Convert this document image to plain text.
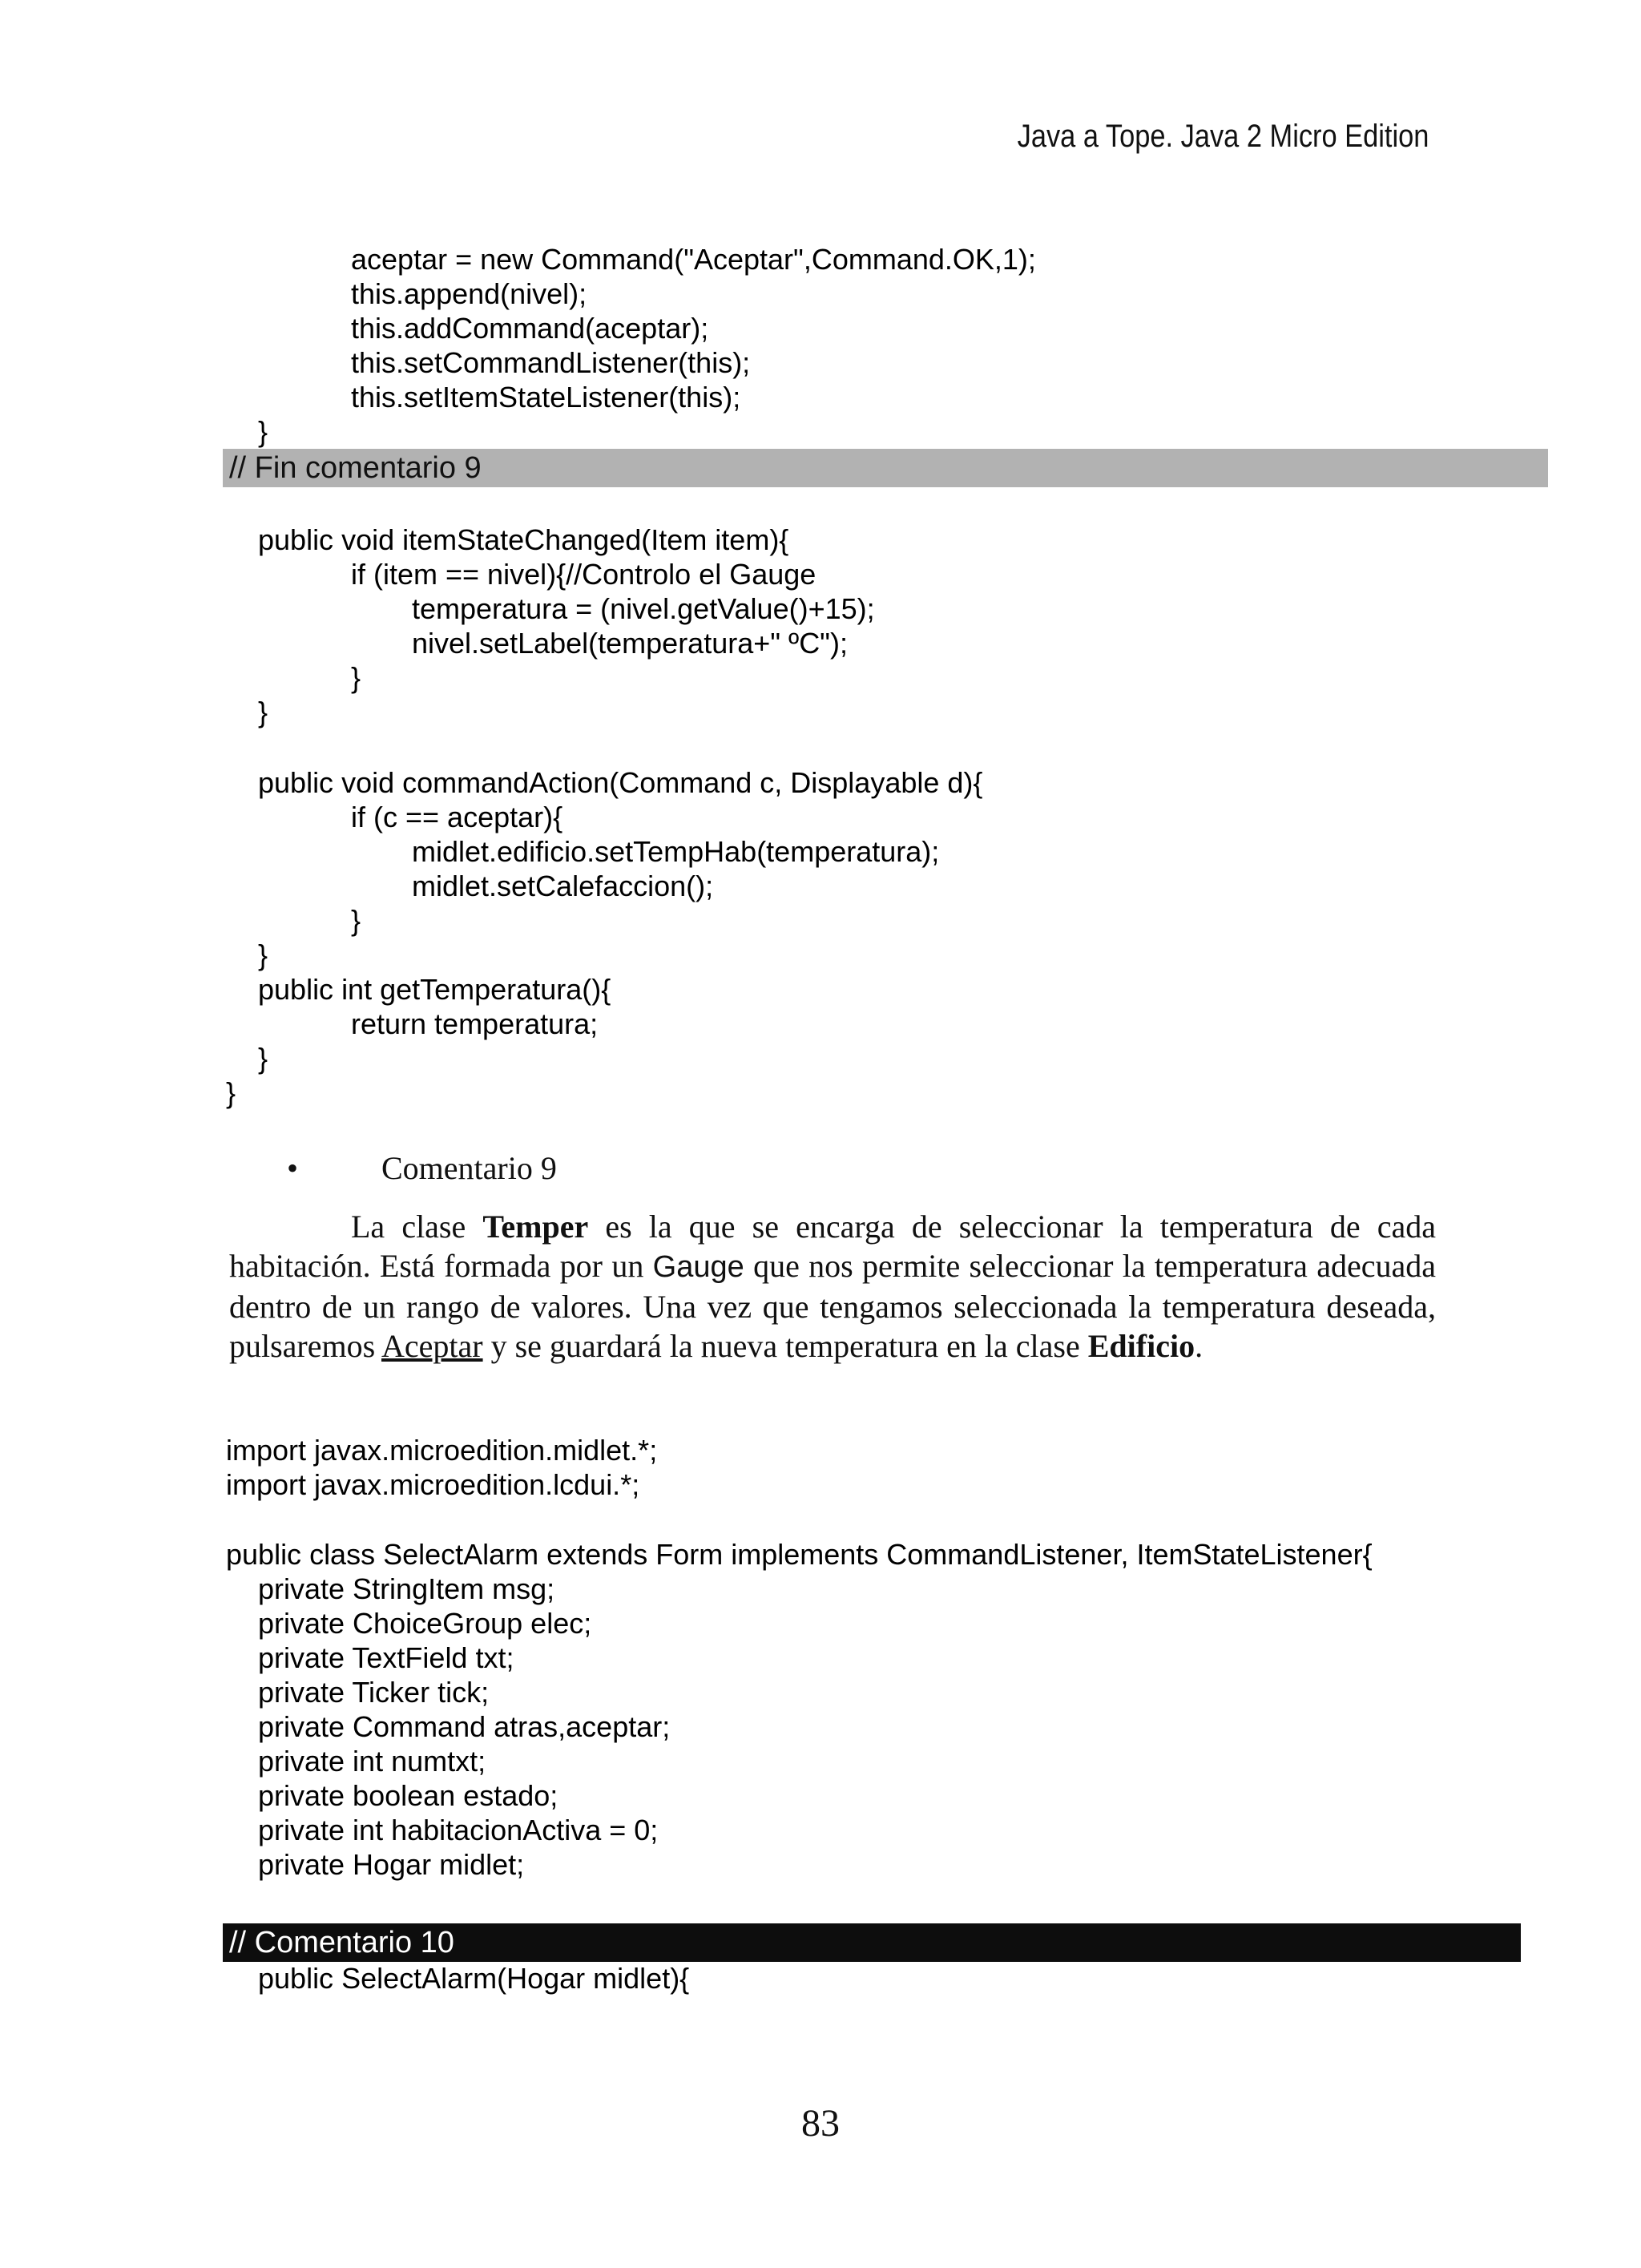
Java a Tope. Java 2 Micro Edition
aceptar = new Command("Aceptar",Command.OK,1);
this.append(nivel);
this.addCommand(aceptar);
this.setCommandListener(this);
this.setItemStateListener(this);
}
// Fin comentario 9
public void itemStateChanged(Item item){
if (item == nivel){//Controlo el Gauge
temperatura = (nivel.getValue()+15);
nivel.setLabel(temperatura+" ºC");
}
}
public void commandAction(Command c, Displayable d){
if (c == aceptar){
midlet.edificio.setTempHab(temperatura);
midlet.setCalefaccion();
}
}
public int getTemperatura(){
return temperatura;
}
}
•	Comentario 9
La clase Temper es la que se encarga de seleccionar la temperatura de cada habitación. Está formada por un Gauge que nos permite seleccionar la temperatura adecuada dentro de un rango de valores. Una vez que tengamos seleccionada la temperatura deseada, pulsaremos Aceptar y se guardará la nueva temperatura en la clase Edificio.
import javax.microedition.midlet.*;
import javax.microedition.lcdui.*;
public class SelectAlarm extends Form implements CommandListener, ItemStateListener{
private StringItem msg;
private ChoiceGroup elec;
private TextField txt;
private Ticker tick;
private Command atras,aceptar;
private int numtxt;
private boolean estado;
private int habitacionActiva = 0;
private Hogar midlet;
// Comentario 10
public SelectAlarm(Hogar midlet){
83
